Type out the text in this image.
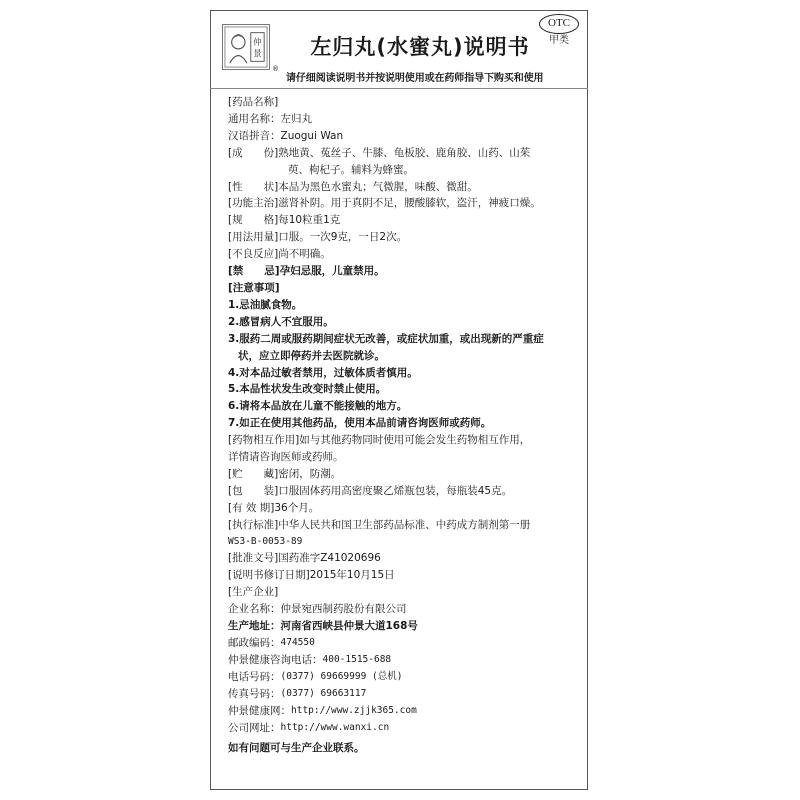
仲
景
®
左归丸(水蜜丸)说明书
OTC
甲类
请仔细阅读说明书并按说明使用或在药师指导下购买和使用
[药品名称]
通用名称： 左归丸
汉语拼音： Zuogui Wan
[成　　份] 熟地黄、菟丝子、牛膝、龟板胶、鹿角胶、山药、山茱
萸、枸杞子。辅料为蜂蜜。
[性　　状] 本品为黑色水蜜丸；气微腥，味酸、微甜。
[功能主治] 滋肾补阴。用于真阴不足，腰酸膝软，盗汗，神疲口燥。
[规　　格] 每10粒重1克
[用法用量] 口服。一次9克，一日2次。
[不良反应] 尚不明确。
[禁　　忌] 孕妇忌服，儿童禁用。
[注意事项]
1.忌油腻食物。
2.感冒病人不宜服用。
3.服药二周或服药期间症状无改善，或症状加重，或出现新的严重症
状，应立即停药并去医院就诊。
4.对本品过敏者禁用，过敏体质者慎用。
5.本品性状发生改变时禁止使用。
6.请将本品放在儿童不能接触的地方。
7.如正在使用其他药品，使用本品前请咨询医师或药师。
[药物相互作用] 如与其他药物同时使用可能会发生药物相互作用，
详情请咨询医师或药师。
[贮　　藏] 密闭，防潮。
[包　　装] 口服固体药用高密度聚乙烯瓶包装，每瓶装45克。
[有 效 期] 36个月。
[执行标准] 中华人民共和国卫生部药品标准、中药成方制剂第一册
WS3-B-0053-89
[批准文号] 国药准字Z41020696
[说明书修订日期] 2015年10月15日
[生产企业]
企业名称： 仲景宛西制药股份有限公司
生产地址： 河南省西峡县仲景大道168号
邮政编码： 474550
仲景健康咨询电话： 400-1515-688
电话号码： (0377) 69669999 (总机)
传真号码： (0377) 69663117
仲景健康网： http://www.zjjk365.com
公司网址： http://www.wanxi.cn
如有问题可与生产企业联系。
